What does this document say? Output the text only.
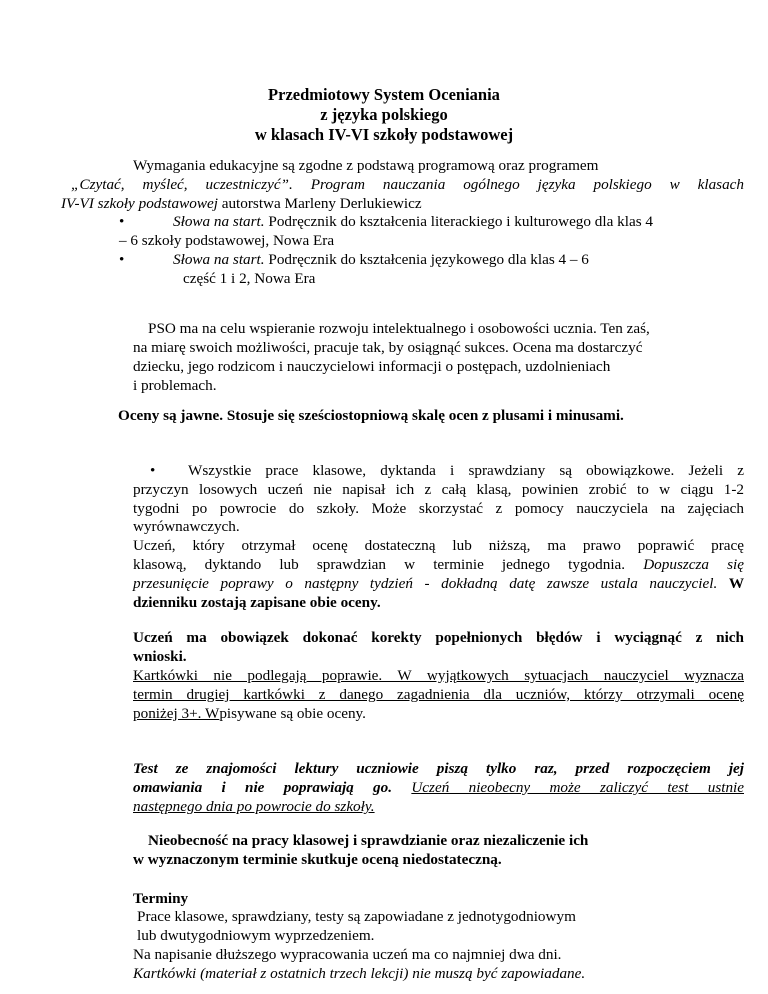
Przedmiotowy System Oceniania
z języka polskiego
w klasach IV-VI szkoły podstawowej
Wymagania edukacyjne są zgodne z podstawą programową oraz programem
„Czytać, myśleć, uczestniczyć”. Program nauczania ogólnego języka polskiego w klasach
IV-VI szkoły podstawowej autorstwa Marleny Derlukiewicz
•	Słowa na start. Podręcznik do kształcenia literackiego i kulturowego dla klas 4
– 6 szkoły podstawowej, Nowa Era
•	Słowa na start. Podręcznik do kształcenia językowego dla klas 4 – 6
część 1 i 2, Nowa Era
PSO ma na celu wspieranie rozwoju intelektualnego i osobowości ucznia. Ten zaś,
na miarę swoich możliwości, pracuje tak, by osiągnąć sukces. Ocena ma dostarczyć
dziecku, jego rodzicom i nauczycielowi informacji o postępach, uzdolnieniach
i problemach.
Oceny są jawne. Stosuje się sześciostopniową skalę ocen z plusami i minusami.
• Wszystkie prace klasowe, dyktanda i sprawdziany są obowiązkowe. Jeżeli z
przyczyn losowych uczeń nie napisał ich z całą klasą, powinien zrobić to w ciągu 1-2
tygodni po powrocie do szkoły. Może skorzystać z pomocy nauczyciela na zajęciach
wyrównawczych.
Uczeń, który otrzymał ocenę dostateczną lub niższą, ma prawo poprawić pracę
klasową, dyktando lub sprawdzian w terminie jednego tygodnia. Dopuszcza się
przesunięcie poprawy o następny tydzień - dokładną datę zawsze ustala nauczyciel. W
dzienniku zostają zapisane obie oceny.
Uczeń ma obowiązek dokonać korekty popełnionych błędów i wyciągnąć z nich
wnioski.
Kartkówki nie podlegają poprawie. W wyjątkowych sytuacjach nauczyciel wyznacza
termin drugiej kartkówki z danego zagadnienia dla uczniów, którzy otrzymali ocenę
poniżej 3+. Wpisywane są obie oceny.
Test ze znajomości lektury uczniowie piszą tylko raz, przed rozpoczęciem jej
omawiania i nie poprawiają go. Uczeń nieobecny może zaliczyć test ustnie
następnego dnia po powrocie do szkoły.
Nieobecność na pracy klasowej i sprawdzianie oraz niezaliczenie ich
w wyznaczonym terminie skutkuje oceną niedostateczną.
Terminy
Prace klasowe, sprawdziany, testy są zapowiadane z jednotygodniowym
lub dwutygodniowym wyprzedzeniem.
Na napisanie dłuższego wypracowania uczeń ma co najmniej dwa dni.
Kartkówki (materiał z ostatnich trzech lekcji) nie muszą być zapowiadane.
